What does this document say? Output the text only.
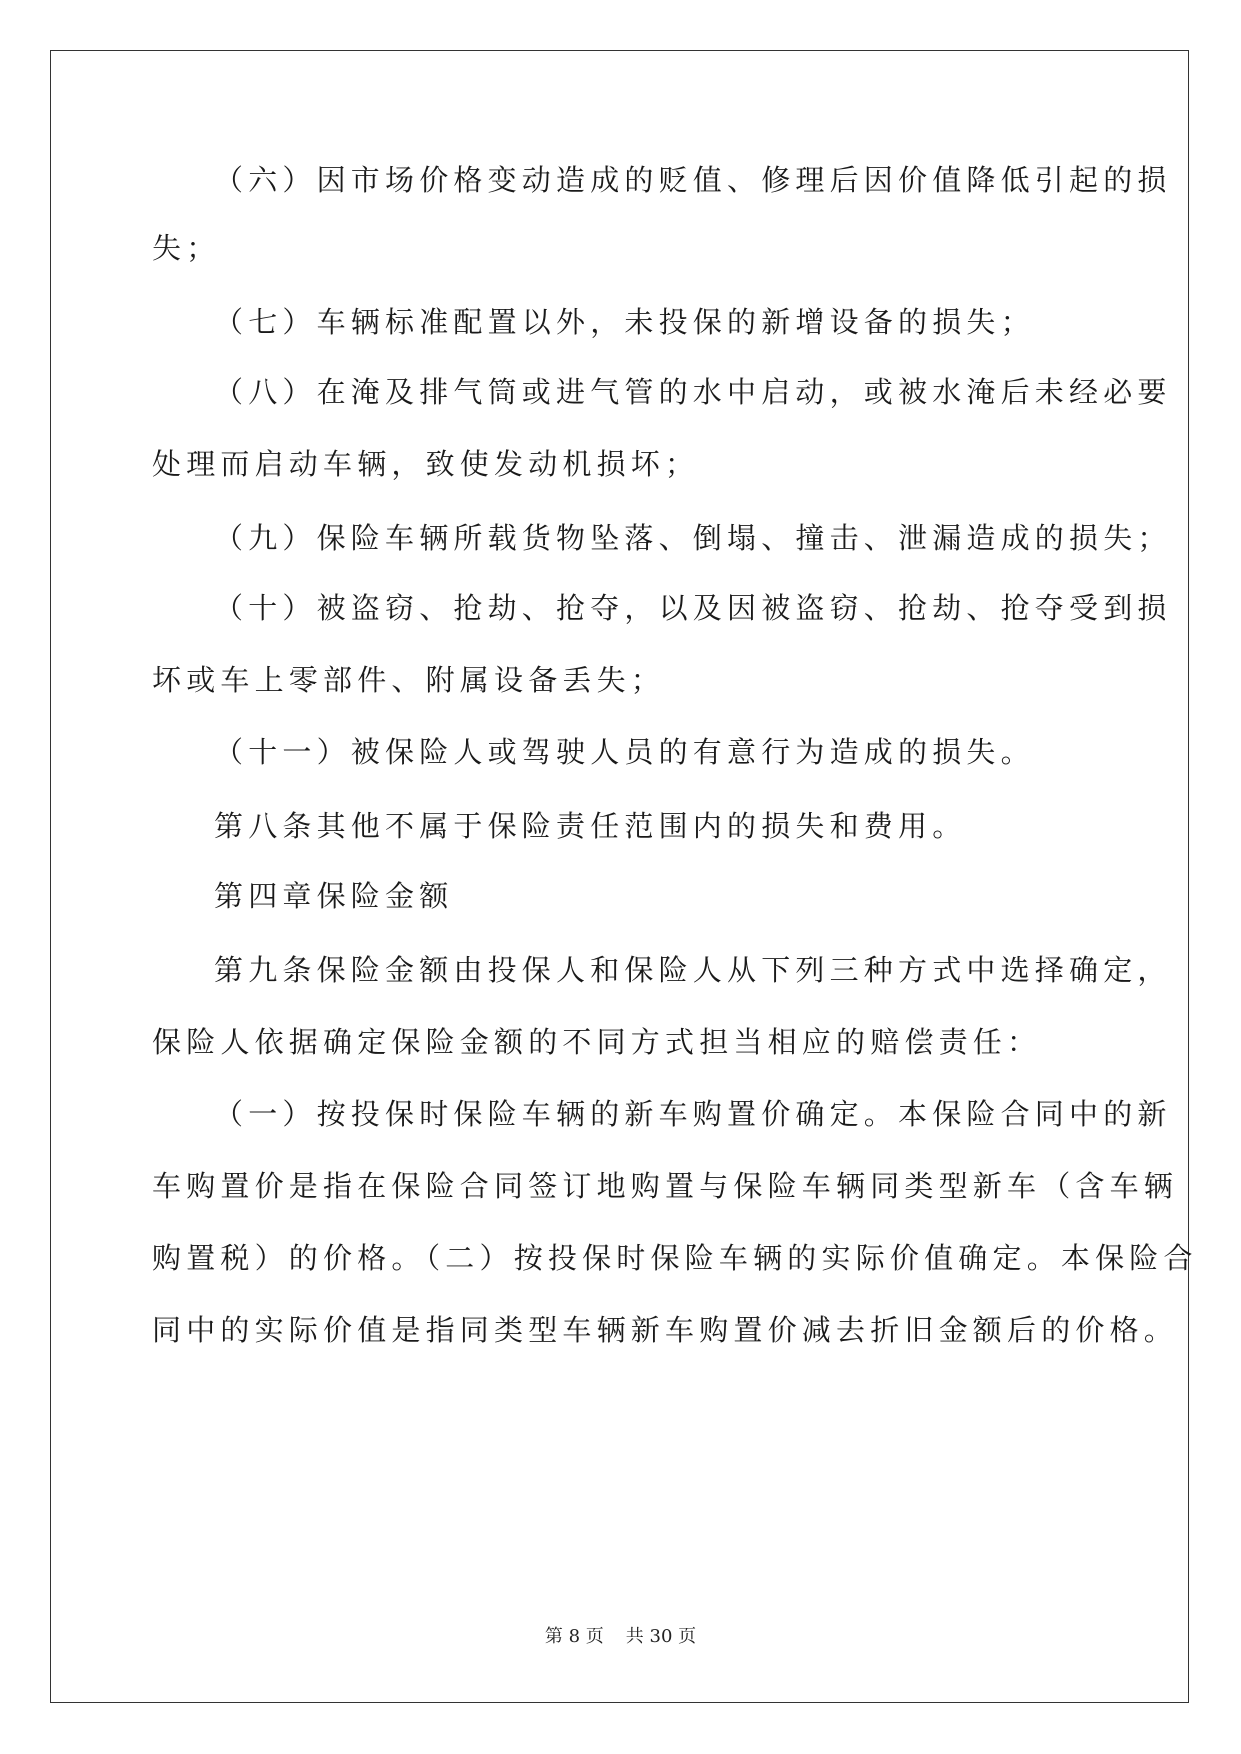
（六）因市场价格变动造成的贬值、修理后因价值降低引起的损
失；
（七）车辆标准配置以外，未投保的新增设备的损失；
（八）在淹及排气筒或进气管的水中启动，或被水淹后未经必要
处理而启动车辆，致使发动机损坏；
（九）保险车辆所载货物坠落、倒塌、撞击、泄漏造成的损失；
（十）被盗窃、抢劫、抢夺，以及因被盗窃、抢劫、抢夺受到损
坏或车上零部件、附属设备丢失；
（十一）被保险人或驾驶人员的有意行为造成的损失。
第八条其他不属于保险责任范围内的损失和费用。
第四章保险金额
第九条保险金额由投保人和保险人从下列三种方式中选择确定，
保险人依据确定保险金额的不同方式担当相应的赔偿责任：
（一）按投保时保险车辆的新车购置价确定。本保险合同中的新
车购置价是指在保险合同签订地购置与保险车辆同类型新车（含车辆
购置税）的价格。（二）按投保时保险车辆的实际价值确定。本保险合
同中的实际价值是指同类型车辆新车购置价减去折旧金额后的价格。
第 8 页 共 30 页
